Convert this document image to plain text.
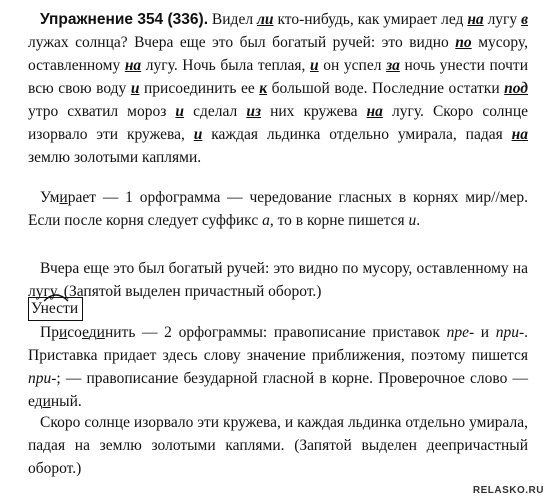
Упражнение 354 (336). Видел ли кто-нибудь, как умирает лед на лугу в лужах солнца? Вчера еще это был богатый ручей: это видно по мусору, оставленному на лугу. Ночь была теплая, и он успел за ночь унести почти всю свою воду и присоединить ее к большой воде. Последние остатки под утро схватил мороз и сделал из них кружева на лугу. Скоро солнце изорвало эти кружева, и каждая льдинка отдельно умирала, падая на землю золотыми каплями.

Умирает — 1 орфограмма — чередование гласных в корнях мир//мер. Если после корня следует суффикс а, то в корне пишется и.

Вчера еще это был богатый ручей: это видно по мусору, оставленному на лугу. (Запятой выделен причастный оборот.)

Унести

Присоединить — 2 орфограммы: правописание приставок пре- и при-. Приставка придает здесь слову значение приближения, поэтому пишется при-; — правописание безударной гласной в корне. Проверочное слово — единый.

Скоро солнце изорвало эти кружева, и каждая льдинка отдельно умирала, падая на землю золотыми каплями. (Запятой выделен деепричастный оборот.)

RELASKO.RU
